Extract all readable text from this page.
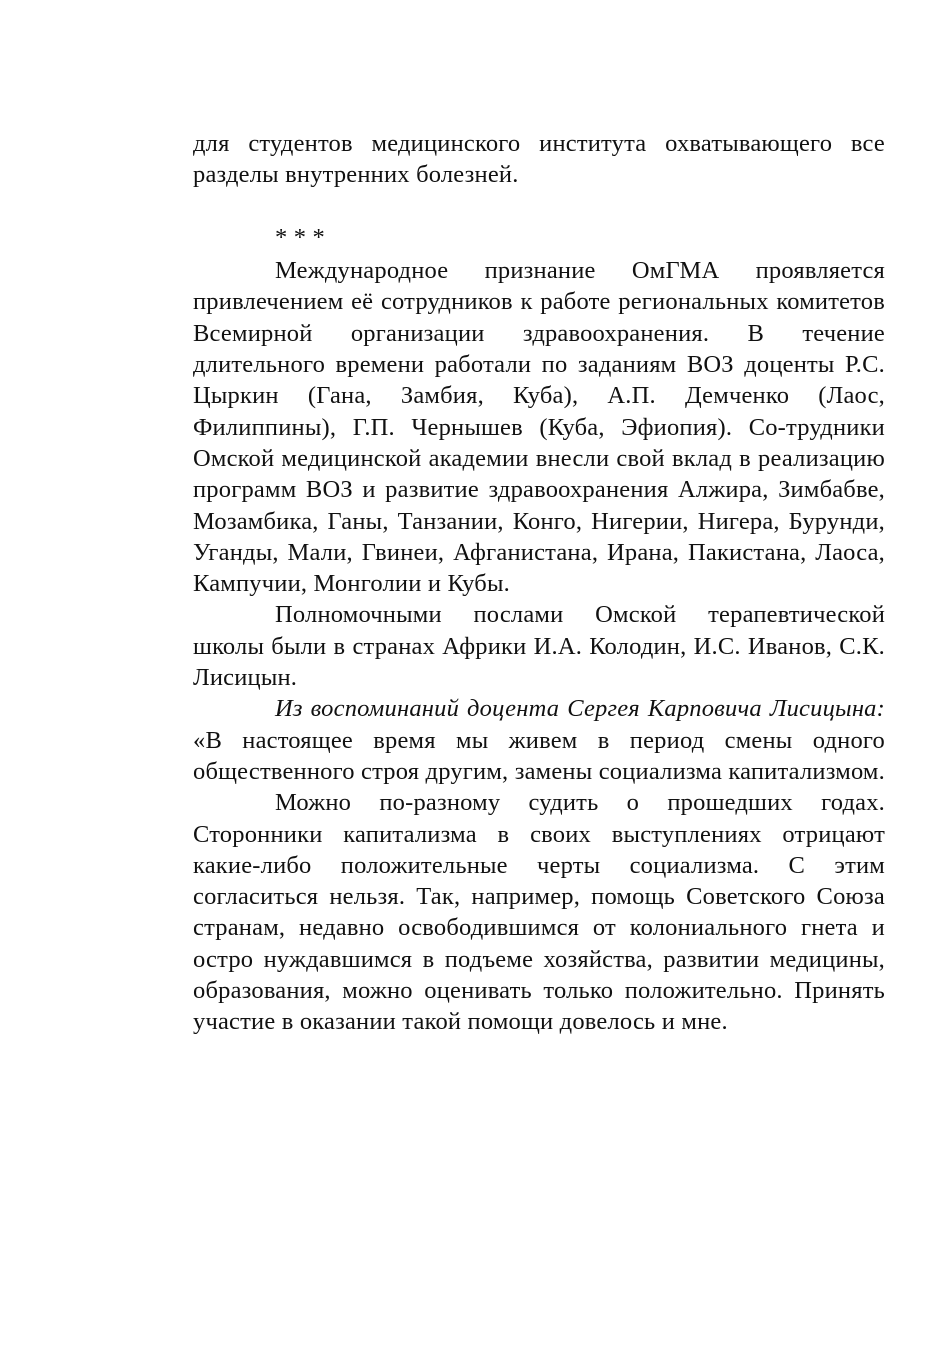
для студентов медицинского института охватывающего все разделы внутренних болезней.

* * *

Международное признание ОмГМА проявляется привлечением её сотрудников к работе региональных комитетов Всемирной организации здравоохранения. В течение длительного времени работали по заданиям ВОЗ доценты Р.С. Цыркин (Гана, Замбия, Куба), А.П. Демченко (Лаос, Филиппины), Г.П. Чернышев (Куба, Эфиопия). Со-трудники Омской медицинской академии внесли свой вклад в реализацию программ ВОЗ и развитие здравоохранения Алжира, Зимбабве, Мозамбика, Ганы, Танзании, Конго, Нигерии, Нигера, Бурунди, Уганды, Мали, Гвинеи, Афганистана, Ирана, Пакистана, Лаоса, Кампучии, Монголии и Кубы.

Полномочными послами Омской терапевтической школы были в странах Африки И.А. Колодин, И.С. Иванов, С.К. Лисицын.

Из воспоминаний доцента Сергея Карповича Лисицына: «В настоящее время мы живем в период смены одного общественного строя другим, замены социализма капитализмом.

Можно по-разному судить о прошедших годах. Сторонники капитализма в своих выступлениях отрицают какие-либо положительные черты социализма. С этим согласиться нельзя. Так, например, помощь Советского Союза странам, недавно освободившимся от колониального гнета и остро нуждавшимся в подъеме хозяйства, развитии медицины, образования, можно оценивать только положительно. Принять участие в оказании такой помощи довелось и мне.
